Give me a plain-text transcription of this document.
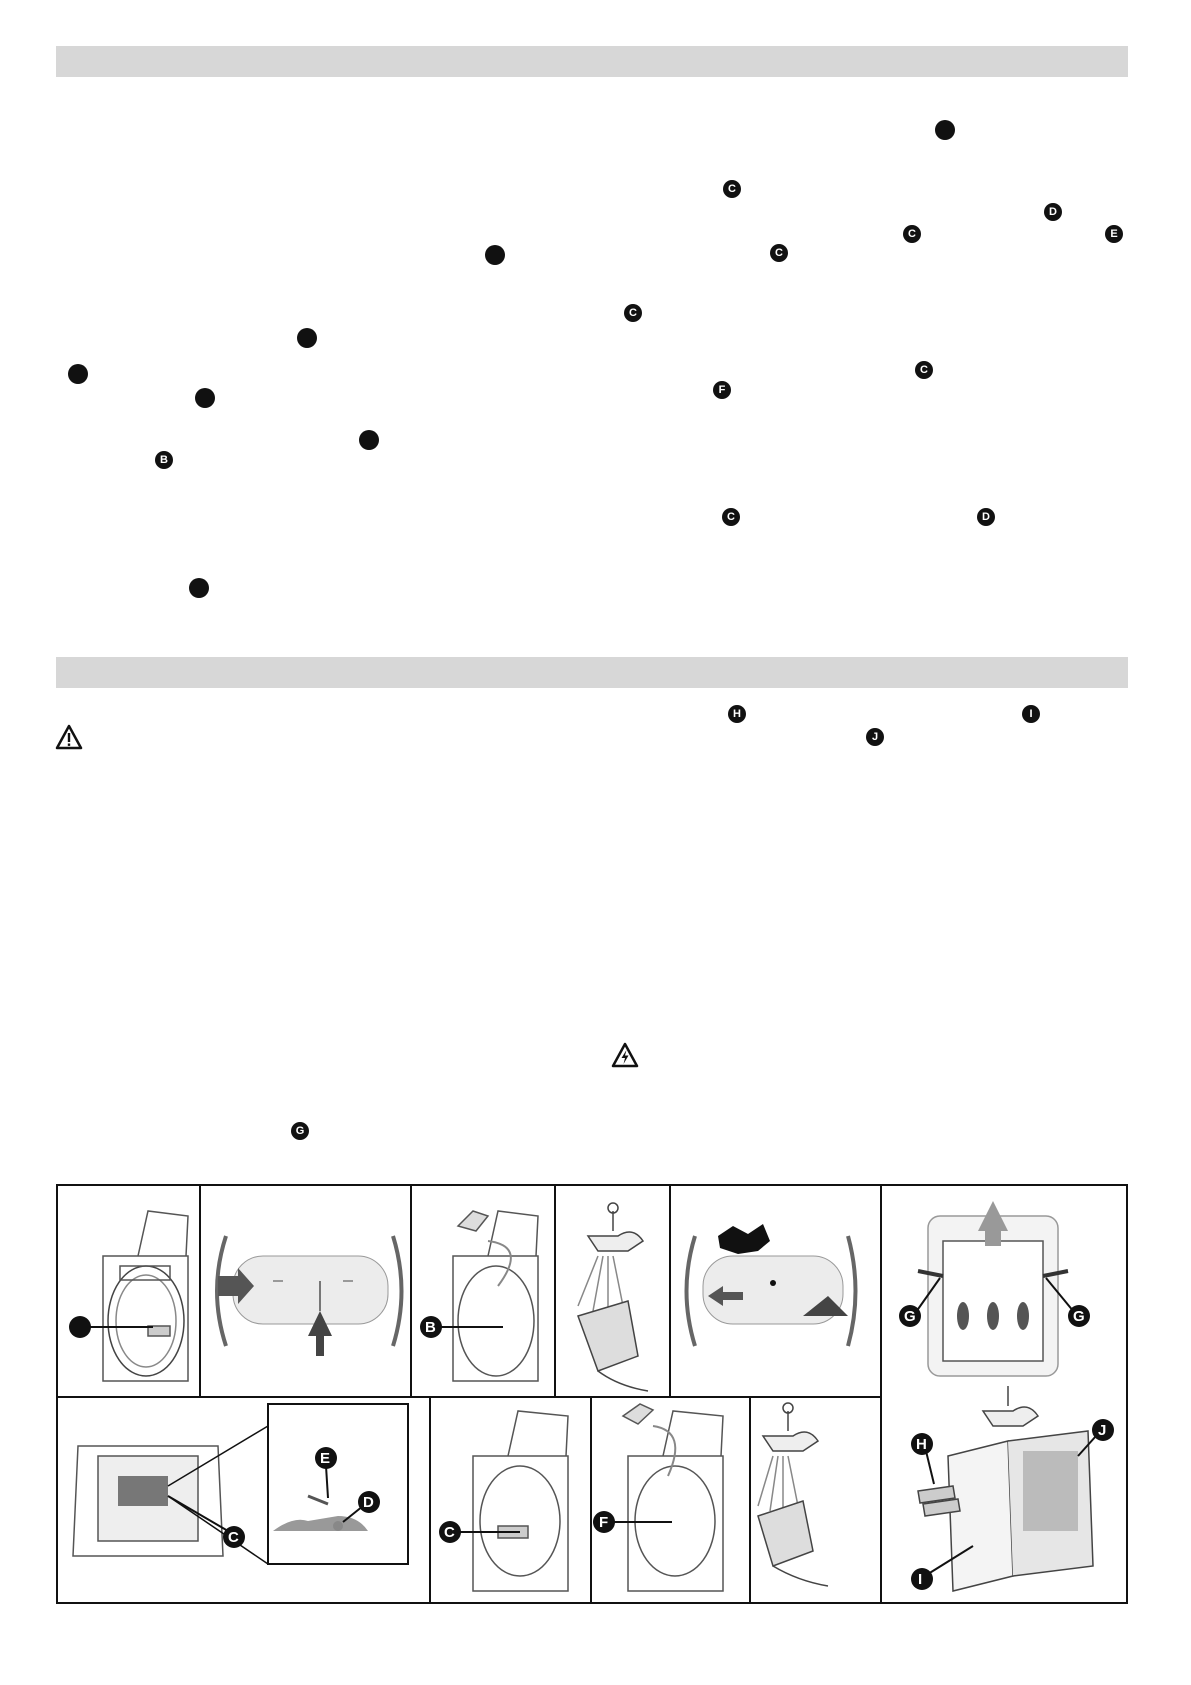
C
D
C	E
C
C
C
F
B
C	D
H	I
J
G
B
G	G
C
E
D
C
F
H
I
J
